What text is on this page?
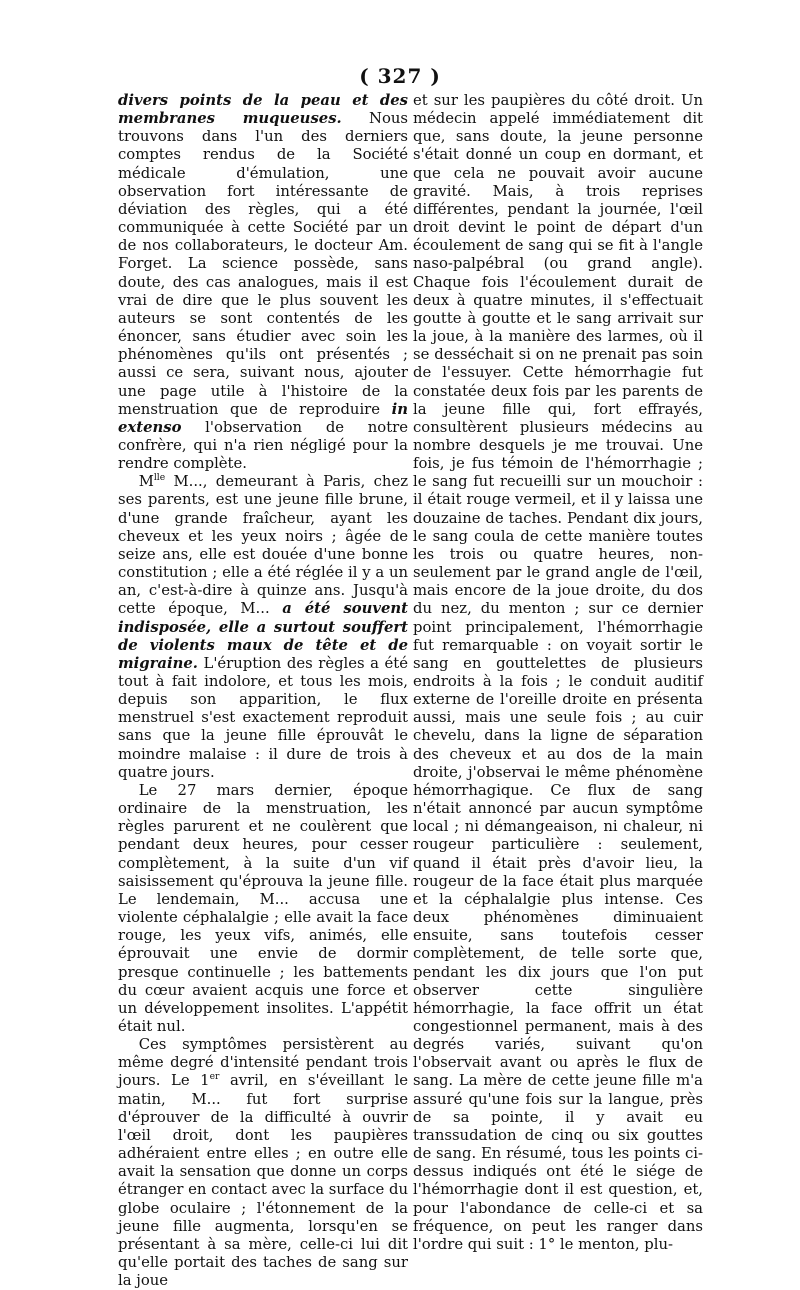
( 327 )

divers points de la peau et des membranes muqueuses. Nous trouvons dans l'un des derniers comptes rendus de la Société médicale d'émulation, une observation fort intéressante de déviation des règles, qui a été communiquée à cette Société par un de nos collaborateurs, le docteur Am. Forget. La science possède, sans doute, des cas analogues, mais il est vrai de dire que le plus souvent les auteurs se sont contentés de les énoncer, sans étudier avec soin les phénomènes qu'ils ont présentés ; aussi ce sera, suivant nous, ajouter une page utile à l'histoire de la menstruation que de reproduire in extenso l'observation de notre confrère, qui n'a rien négligé pour la rendre complète.

$M^{lle}$ M..., demeurant à Paris, chez ses parents, est une jeune fille brune, d'une grande fraîcheur, ayant les cheveux et les yeux noirs ; âgée de seize ans, elle est douée d'une bonne constitution ; elle a été réglée il y a un an, c'est-à-dire à quinze ans. Jusqu'à cette époque, M... a été souvent indisposée, elle a surtout souffert de violents maux de tête et de migraine. L'éruption des règles a été tout à fait indolore, et tous les mois, depuis son apparition, le flux menstruel s'est exactement reproduit sans que la jeune fille éprouvât le moindre malaise : il dure de trois à quatre jours.

Le 27 mars dernier, époque ordinaire de la menstruation, les règles parurent et ne coulèrent que pendant deux heures, pour cesser complètement, à la suite d'un vif saisissement qu'éprouva la jeune fille. Le lendemain, M... accusa une violente céphalalgie ; elle avait la face rouge, les yeux vifs, animés, elle éprouvait une envie de dormir presque continuelle ; les battements du cœur avaient acquis une force et un développement insolites. L'appétit était nul.

Ces symptômes persistèrent au même degré d'intensité pendant trois jours. Le 1er avril, en s'éveillant le matin, M... fut fort surprise d'éprouver de la difficulté à ouvrir l'œil droit, dont les paupières adhéraient entre elles ; en outre elle avait la sensation que donne un corps étranger en contact avec la surface du globe oculaire ; l'étonnement de la jeune fille augmenta, lorsqu'en se présentant à sa mère, celle-ci lui dit qu'elle portait des taches de sang sur la joue

et sur les paupières du côté droit. Un médecin appelé immédiatement dit que, sans doute, la jeune personne s'était donné un coup en dormant, et que cela ne pouvait avoir aucune gravité. Mais, à trois reprises différentes, pendant la journée, l'œil droit devint le point de départ d'un écoulement de sang qui se fit à l'angle naso-palpébral (ou grand angle). Chaque fois l'écoulement durait de deux à quatre minutes, il s'effectuait goutte à goutte et le sang arrivait sur la joue, à la manière des larmes, où il se desséchait si on ne prenait pas soin de l'essuyer. Cette hémorrhagie fut constatée deux fois par les parents de la jeune fille qui, fort effrayés, consultèrent plusieurs médecins au nombre desquels je me trouvai. Une fois, je fus témoin de l'hémorrhagie ; le sang fut recueilli sur un mouchoir : il était rouge vermeil, et il y laissa une douzaine de taches. Pendant dix jours, le sang coula de cette manière toutes les trois ou quatre heures, non-seulement par le grand angle de l'œil, mais encore de la joue droite, du dos du nez, du menton ; sur ce dernier point principalement, l'hémorrhagie fut remarquable : on voyait sortir le sang en gouttelettes de plusieurs endroits à la fois ; le conduit auditif externe de l'oreille droite en présenta aussi, mais une seule fois ; au cuir chevelu, dans la ligne de séparation des cheveux et au dos de la main droite, j'observai le même phénomène hémorrhagique. Ce flux de sang n'était annoncé par aucun symptôme local ; ni démangeaison, ni chaleur, ni rougeur particulière : seulement, quand il était près d'avoir lieu, la rougeur de la face était plus marquée et la céphalalgie plus intense. Ces deux phénomènes diminuaient ensuite, sans toutefois cesser complètement, de telle sorte que, pendant les dix jours que l'on put observer cette singulière hémorrhagie, la face offrit un état congestionnel permanent, mais à des degrés variés, suivant qu'on l'observait avant ou après le flux de sang. La mère de cette jeune fille m'a assuré qu'une fois sur la langue, près de sa pointe, il y avait eu transsudation de cinq ou six gouttes de sang. En résumé, tous les points ci-dessus indiqués ont été le siége de l'hémorrhagie dont il est question, et, pour l'abondance de celle-ci et sa fréquence, on peut les ranger dans l'ordre qui suit : 1° le menton, plu-
